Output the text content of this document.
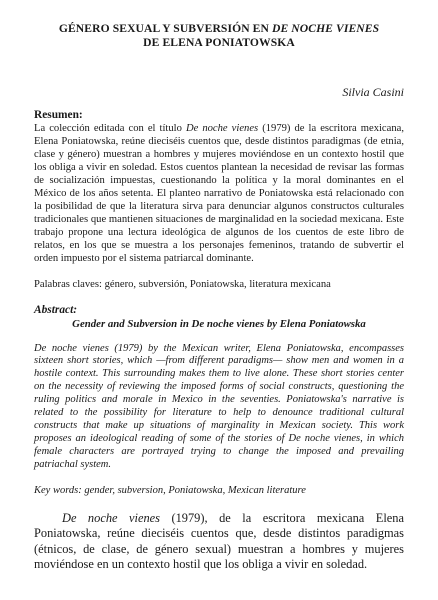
GÉNERO SEXUAL Y SUBVERSIÓN EN DE NOCHE VIENES
DE ELENA PONIATOWSKA

Silvia Casini

Resumen:

La colección editada con el título De noche vienes (1979) de la escritora mexicana, Elena Poniatowska, reúne dieciséis cuentos que, desde distintos paradigmas (de etnia, clase y género) muestran a hombres y mujeres moviéndose en un contexto hostil que los obliga a vivir en soledad. Estos cuentos plantean la necesidad de revisar las formas de socialización impuestas, cuestionando la política y la moral dominantes en el México de los años setenta. El planteo narrativo de Poniatowska está relacionado con la posibilidad de que la literatura sirva para denunciar algunos constructos culturales tradicionales que mantienen situaciones de marginalidad en la sociedad mexicana. Este trabajo propone una lectura ideológica de algunos de los cuentos de este libro de relatos, en los que se muestra a los personajes femeninos, tratando de subvertir el orden impuesto por el sistema patriarcal dominante.

Palabras claves: género, subversión, Poniatowska, literatura mexicana

Abstract:

Gender and Subversion in De noche vienes by Elena Poniatowska

De noche vienes (1979) by the Mexican writer, Elena Poniatowska, encompasses sixteen short stories, which —from different paradigms— show men and women in a hostile context. This surrounding makes them to live alone. These short stories center on the necessity of reviewing the imposed forms of social constructs, questioning the ruling politics and morale in Mexico in the seventies. Poniatowska's narrative is related to the possibility for literature to help to denounce traditional cultural constructs that make up situations of marginality in Mexican society. This work proposes an ideological reading of some of the stories of De noche vienes, in which female characters are portrayed trying to change the imposed and prevailing patriachal system.

Key words: gender, subversion, Poniatowska, Mexican literature

De noche vienes (1979), de la escritora mexicana Elena Poniatowska, reúne dieciséis cuentos que, desde distintos paradigmas (étnicos, de clase, de género sexual) muestran a hombres y mujeres moviéndose en un contexto hostil que los obliga a vivir en soledad.
